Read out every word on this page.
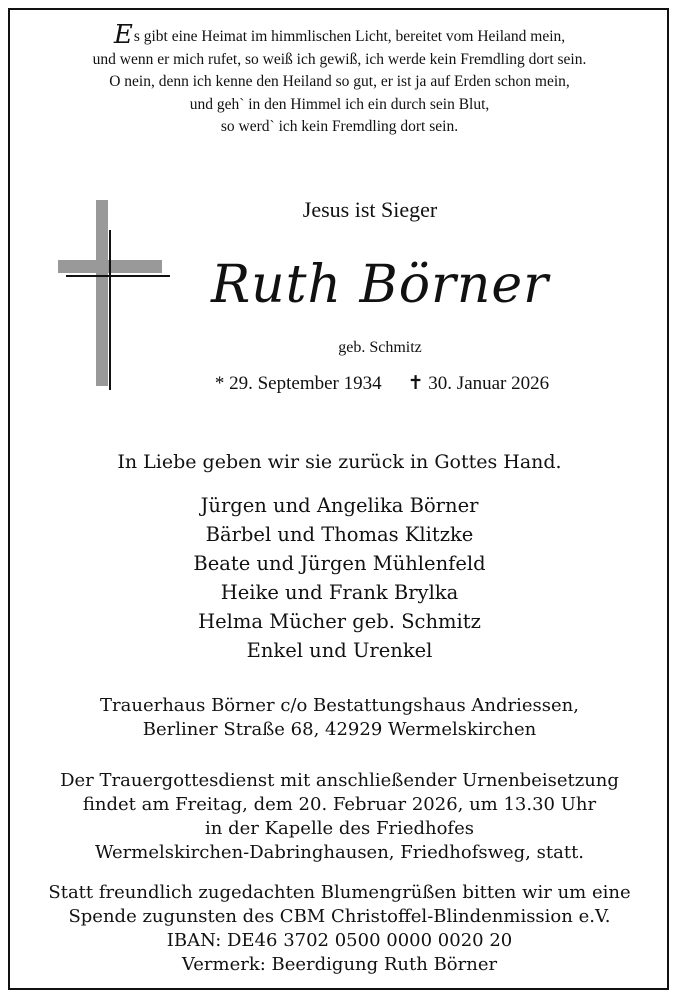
Es gibt eine Heimat im himmlischen Licht, bereitet vom Heiland mein,
und wenn er mich rufet, so weiß ich gewiß, ich werde kein Fremdling dort sein.
O nein, denn ich kenne den Heiland so gut, er ist ja auf Erden schon mein,
und geh` in den Himmel ich ein durch sein Blut,
so werd` ich kein Fremdling dort sein.
Jesus ist Sieger
Ruth Börner
geb. Schmitz
* 29. September 1934 ✝ 30. Januar 2026
In Liebe geben wir sie zurück in Gottes Hand.
Jürgen und Angelika Börner
Bärbel und Thomas Klitzke
Beate und Jürgen Mühlenfeld
Heike und Frank Brylka
Helma Mücher geb. Schmitz
Enkel und Urenkel
Trauerhaus Börner c/o Bestattungshaus Andriessen,
Berliner Straße 68, 42929 Wermelskirchen
Der Trauergottesdienst mit anschließender Urnenbeisetzung
findet am Freitag, dem 20. Februar 2026, um 13.30 Uhr
in der Kapelle des Friedhofes
Wermelskirchen-Dabringhausen, Friedhofsweg, statt.
Statt freundlich zugedachten Blumengrüßen bitten wir um eine
Spende zugunsten des CBM Christoffel-Blindenmission e.V.
IBAN: DE46 3702 0500 0000 0020 20
Vermerk: Beerdigung Ruth Börner
